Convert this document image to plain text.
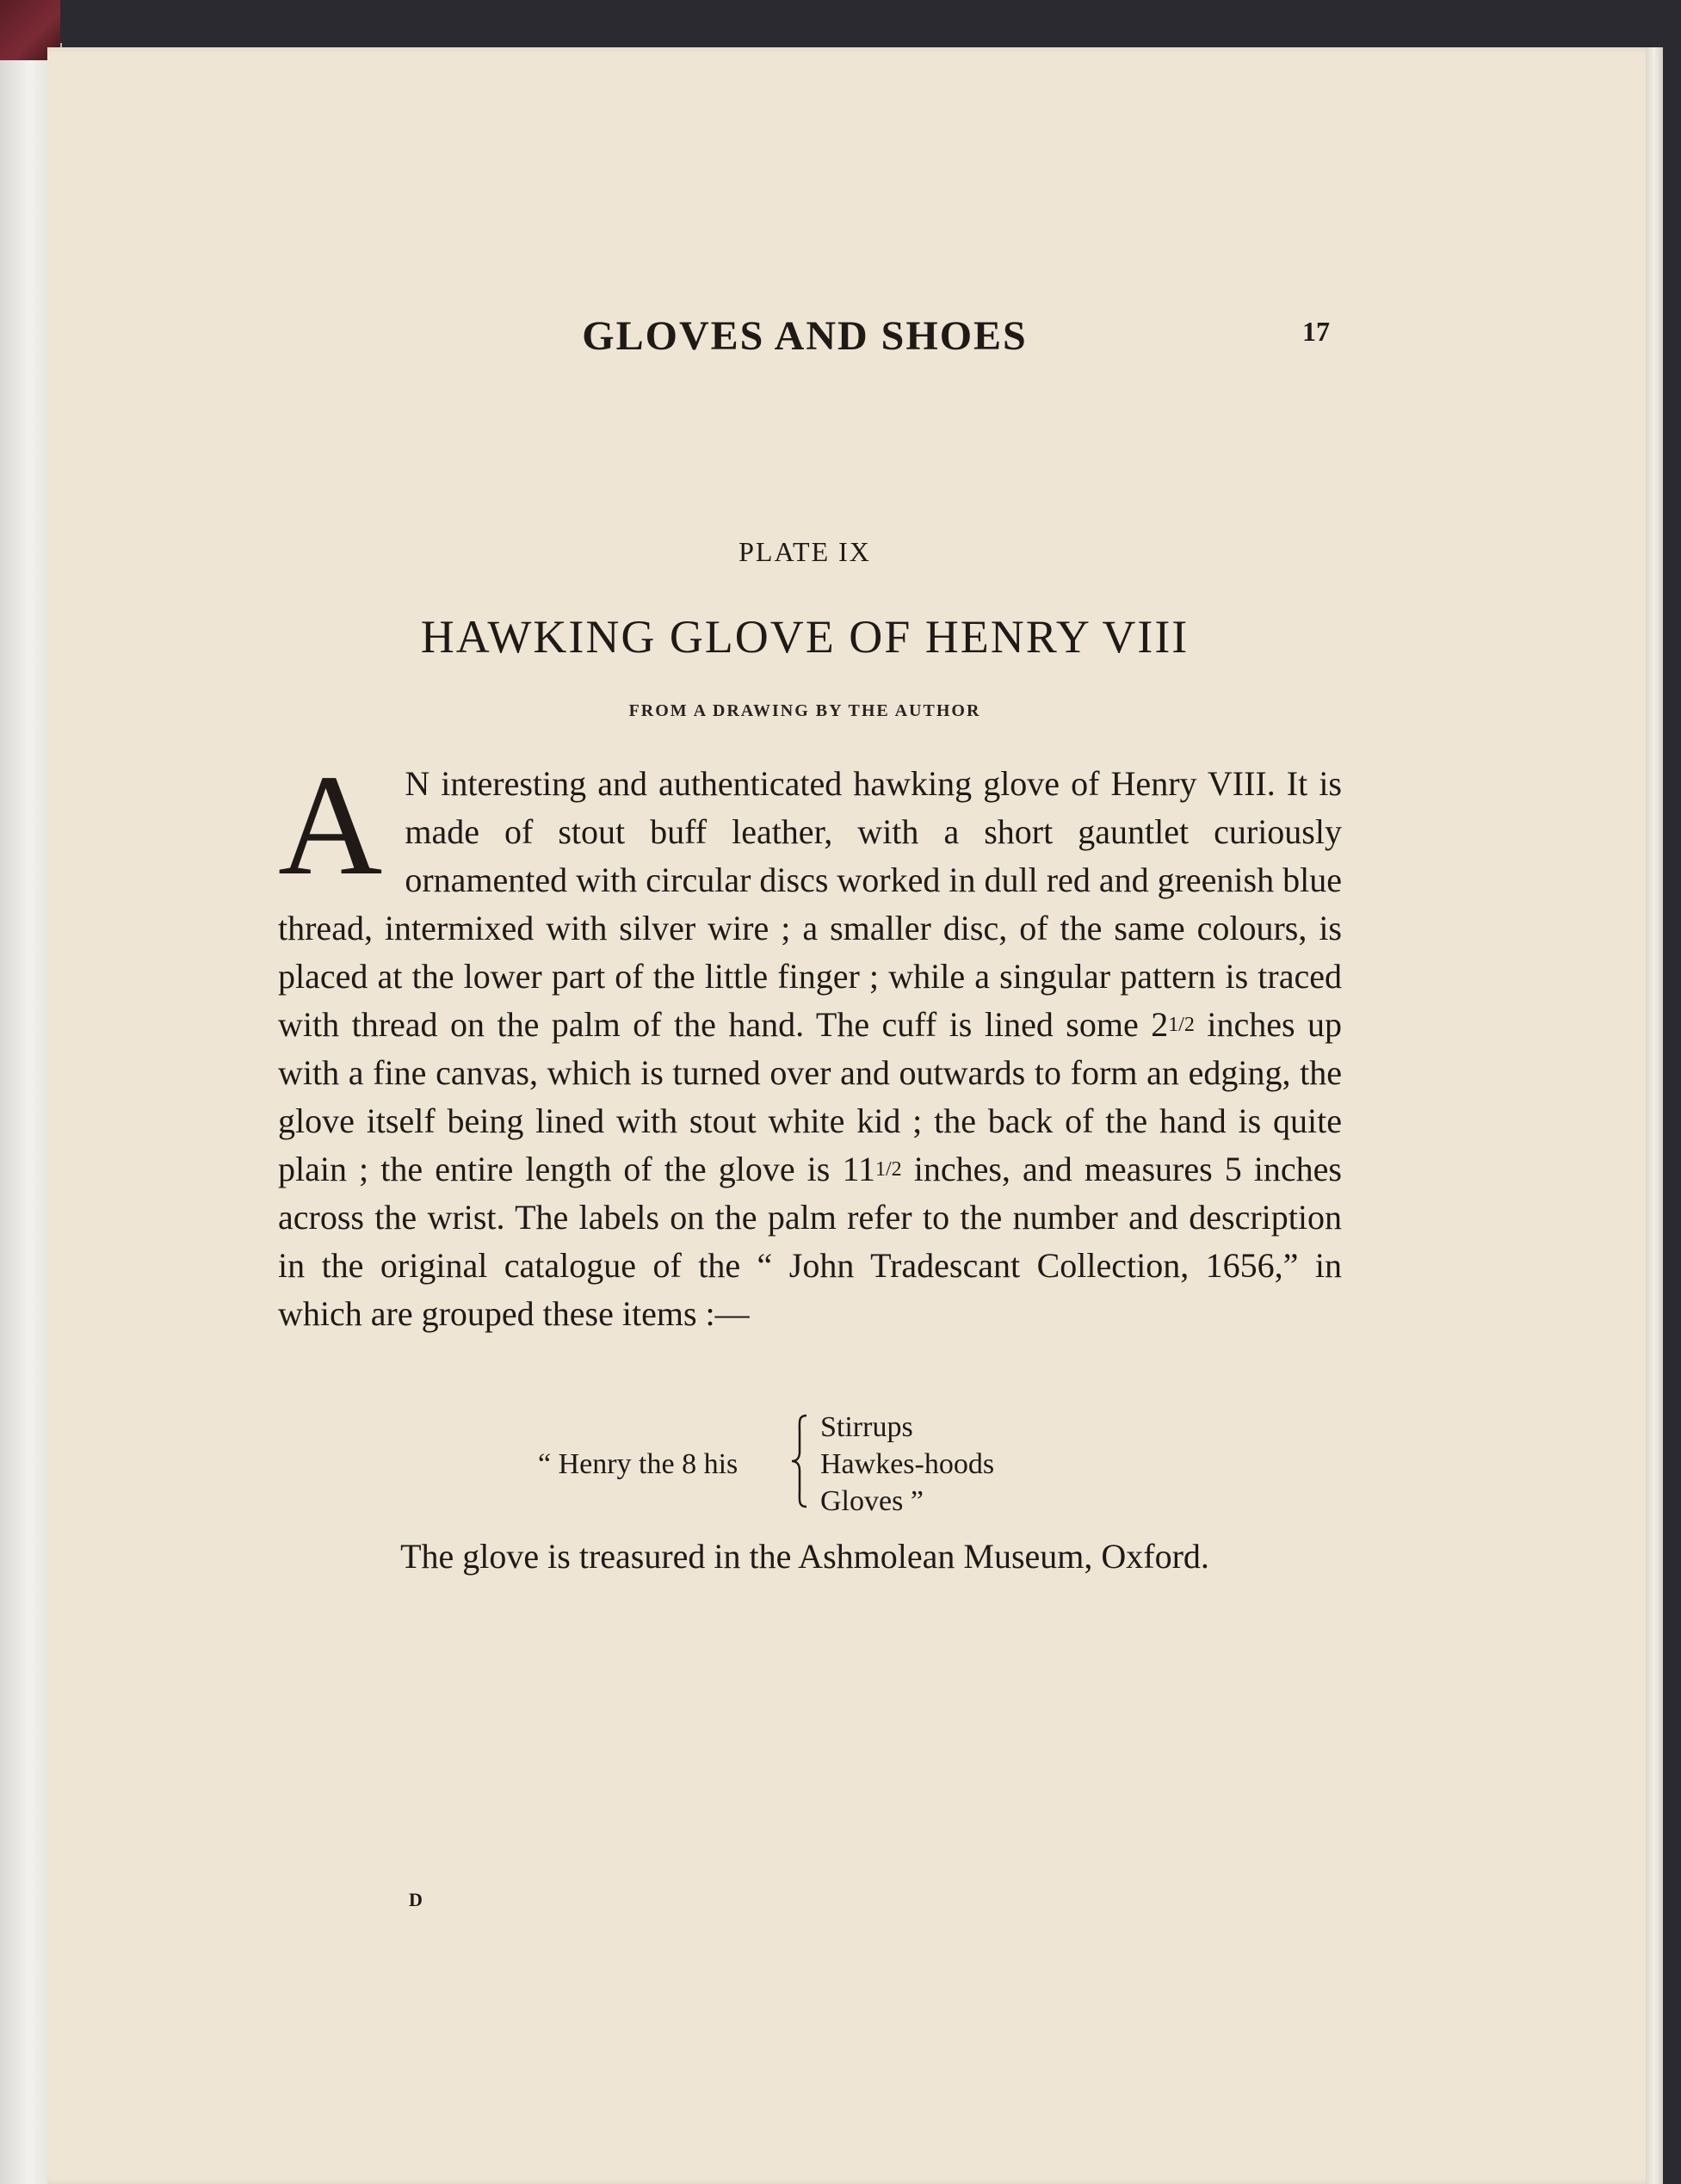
GLOVES AND SHOES	17
PLATE IX
HAWKING GLOVE OF HENRY VIII
FROM A DRAWING BY THE AUTHOR
A N interesting and authenticated hawking glove of Henry VIII. It is made of stout buff leather, with a short gauntlet curiously ornamented with circular discs worked in dull red and greenish blue thread, intermixed with silver wire ; a smaller disc, of the same colours, is placed at the lower part of the little finger ; while a singular pattern is traced with thread on the palm of the hand. The cuff is lined some 21/2 inches up with a fine canvas, which is turned over and outwards to form an edging, the glove itself being lined with stout white kid ; the back of the hand is quite plain ; the entire length of the glove is 111/2 inches, and measures 5 inches across the wrist. The labels on the palm refer to the number and description in the original catalogue of the “ John Tradescant Collection, 1656,” in which are grouped these items :—
“ Henry the 8 his
Stirrups
Hawkes-hoods
Gloves ”
The glove is treasured in the Ashmolean Museum, Oxford.
D
